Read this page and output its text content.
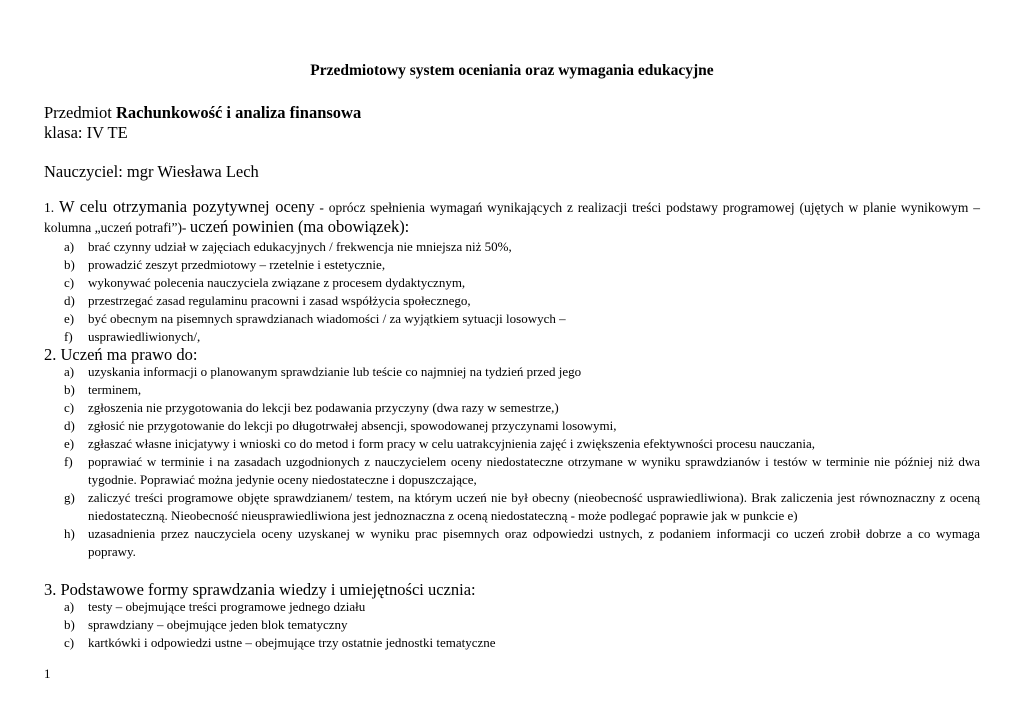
Przedmiotowy system oceniania oraz wymagania edukacyjne
Przedmiot Rachunkowość i analiza finansowa
klasa: IV TE
Nauczyciel: mgr Wiesława Lech
1. W celu otrzymania pozytywnej oceny - oprócz spełnienia wymagań wynikających z realizacji treści podstawy programowej (ujętych w planie wynikowym – kolumna „uczeń potrafi”)- uczeń powinien (ma obowiązek):
a)	brać czynny udział w zajęciach edukacyjnych / frekwencja nie mniejsza niż 50%,
b)	prowadzić zeszyt przedmiotowy – rzetelnie i estetycznie,
c)	wykonywać polecenia nauczyciela związane z procesem dydaktycznym,
d)	przestrzegać zasad regulaminu pracowni i zasad współżycia społecznego,
e)	być obecnym na pisemnych sprawdzianach wiadomości / za wyjątkiem sytuacji losowych –
f)	usprawiedliwionych/,
2. Uczeń ma prawo do:
a)	uzyskania informacji o planowanym sprawdzianie lub teście co najmniej na tydzień przed jego
b)	terminem,
c)	zgłoszenia nie przygotowania do lekcji bez podawania przyczyny (dwa razy w semestrze,)
d)	zgłosić nie przygotowanie do lekcji po długotrwałej absencji, spowodowanej przyczynami losowymi,
e)	zgłaszać własne inicjatywy i wnioski co do metod i form pracy w celu uatrakcyjnienia zajęć i zwiększenia efektywności procesu nauczania,
f)	poprawiać w terminie i na zasadach uzgodnionych z nauczycielem oceny niedostateczne otrzymane w wyniku sprawdzianów i testów w terminie nie później niż dwa tygodnie. Poprawiać można jedynie oceny niedostateczne i dopuszczające,
g)	zaliczyć treści programowe objęte sprawdzianem/ testem, na którym uczeń nie był obecny (nieobecność usprawiedliwiona). Brak zaliczenia jest równoznaczny z oceną niedostateczną. Nieobecność nieusprawiedliwiona jest jednoznaczna z oceną niedostateczną - może podlegać poprawie jak w punkcie e)
h)	uzasadnienia przez nauczyciela oceny uzyskanej w wyniku prac pisemnych oraz odpowiedzi ustnych, z podaniem informacji co uczeń zrobił dobrze a co wymaga poprawy.
3. Podstawowe formy sprawdzania wiedzy i umiejętności ucznia:
a)	testy – obejmujące treści programowe jednego działu
b)	sprawdziany – obejmujące jeden blok tematyczny
c)	kartkówki i odpowiedzi ustne – obejmujące trzy ostatnie jednostki tematyczne
1
